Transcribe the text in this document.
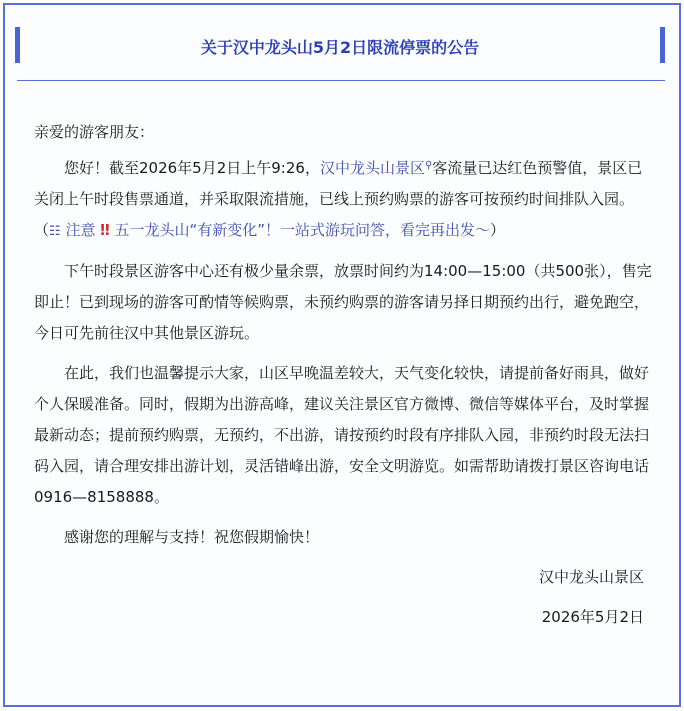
关于汉中龙头山5月2日限流停票的公告

亲爱的游客朋友：

您好！截至2026年5月2日上午9:26，汉中龙头山景区⚲客流量已达红色预警值，景区已关闭上午时段售票通道，并采取限流措施，已线上预约购票的游客可按预约时间排队入园。（☷ 注意 ‼ 五一龙头山“有新变化”！一站式游玩问答，看完再出发～）

下午时段景区游客中心还有极少量余票，放票时间约为14:00—15:00（共500张），售完即止！已到现场的游客可酌情等候购票，未预约购票的游客请另择日期预约出行，避免跑空，今日可先前往汉中其他景区游玩。

在此，我们也温馨提示大家，山区早晚温差较大，天气变化较快，请提前备好雨具，做好个人保暖准备。同时，假期为出游高峰，建议关注景区官方微博、微信等媒体平台，及时掌握最新动态；提前预约购票，无预约，不出游，请按预约时段有序排队入园，非预约时段无法扫码入园，请合理安排出游计划，灵活错峰出游，安全文明游览。如需帮助请拨打景区咨询电话0916—8158888。

感谢您的理解与支持！祝您假期愉快！

汉中龙头山景区

2026年5月2日
